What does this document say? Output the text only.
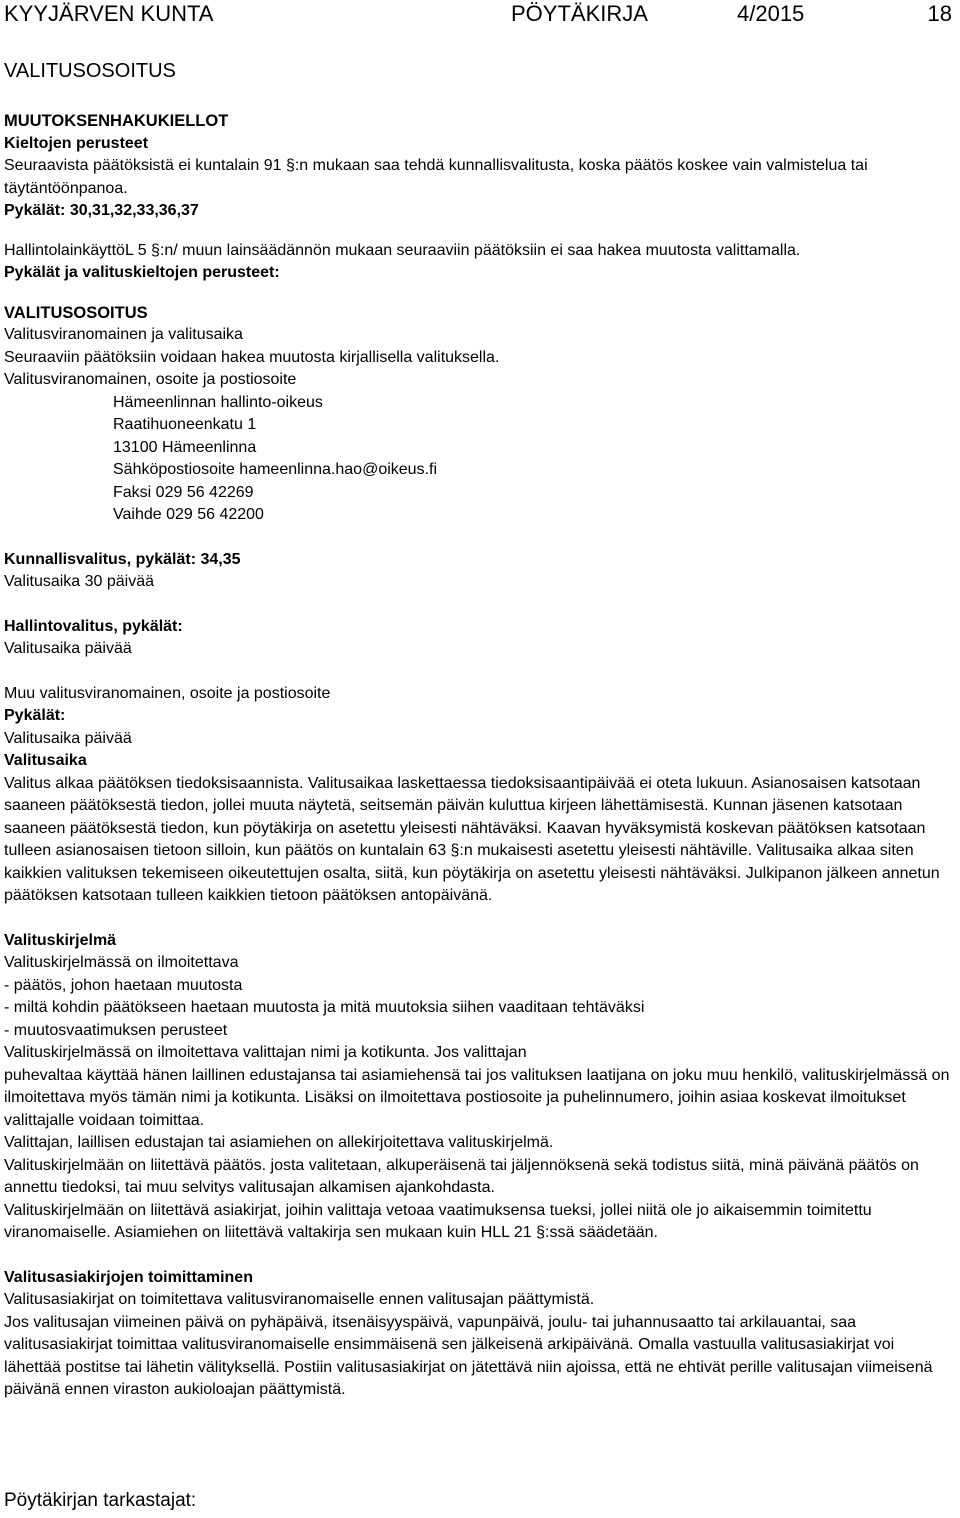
KYYJÄRVEN KUNTA	PÖYTÄKIRJA	4/2015	18
VALITUSOSOITUS
MUUTOKSENHAKUKIELLOT
Kieltojen perusteet

Seuraavista päätöksistä ei kuntalain 91 §:n mukaan saa tehdä kunnallisvalitusta, koska päätös koskee vain valmistelua tai täytäntöönpanoa.

Pykälät: 30,31,32,33,36,37

HallintolainkäyttöL 5 §:n/ muun lainsäädännön mukaan seuraaviin päätöksiin ei saa hakea muutosta valittamalla.

Pykälät ja valituskieltojen perusteet:
VALITUSOSOITUS
Valitusviranomainen ja valitusaika
Seuraaviin päätöksiin voidaan hakea muutosta kirjallisella valituksella.
Valitusviranomainen, osoite ja postiosoite
Hämeenlinnan hallinto-oikeus
Raatihuoneenkatu 1
13100 Hämeenlinna
Sähköpostiosoite hameenlinna.hao@oikeus.fi
Faksi 029 56 42269
Vaihde 029 56 42200
Kunnallisvalitus, pykälät: 34,35
Valitusaika 30 päivää
Hallintovalitus, pykälät:
Valitusaika päivää
Muu valitusviranomainen, osoite ja postiosoite
Pykälät:
Valitusaika päivää
Valitusaika

Valitus alkaa päätöksen tiedoksisaannista. Valitusaikaa laskettaessa tiedoksisaantipäivää ei oteta lukuun. Asianosaisen katsotaan saaneen päätöksestä tiedon, jollei muuta näytetä, seitsemän päivän kuluttua kirjeen lähettämisestä. Kunnan jäsenen katsotaan saaneen päätöksestä tiedon, kun pöytäkirja on asetettu yleisesti nähtäväksi. Kaavan hyväksymistä koskevan päätöksen katsotaan tulleen asianosaisen tietoon silloin, kun päätös on kuntalain 63 §:n mukaisesti asetettu yleisesti nähtäville. Valitusaika alkaa siten kaikkien valituksen tekemiseen oikeutettujen osalta, siitä, kun pöytäkirja on asetettu yleisesti nähtäväksi. Julkipanon jälkeen annetun päätöksen katsotaan tulleen kaikkien tietoon päätöksen antopäivänä.

Valituskirjelmä
Valituskirjelmässä on ilmoitettava
- päätös, johon haetaan muutosta
- miltä kohdin päätökseen haetaan muutosta ja mitä muutoksia siihen vaaditaan tehtäväksi
- muutosvaatimuksen perusteet

Valituskirjelmässä on ilmoitettava valittajan nimi ja kotikunta. Jos valittajan

puhevaltaa käyttää hänen laillinen edustajansa tai asiamiehensä tai jos valituksen laatijana on joku muu henkilö, valituskirjelmässä on ilmoitettava myös tämän nimi ja kotikunta. Lisäksi on ilmoitettava postiosoite ja puhelinnumero, joihin asiaa koskevat ilmoitukset valittajalle voidaan toimittaa.

Valittajan, laillisen edustajan tai asiamiehen on allekirjoitettava valituskirjelmä.

Valituskirjelmään on liitettävä päätös. josta valitetaan, alkuperäisenä tai jäljennöksenä sekä todistus siitä, minä päivänä päätös on annettu tiedoksi, tai muu selvitys valitusajan alkamisen ajankohdasta.

Valituskirjelmään on liitettävä asiakirjat, joihin valittaja vetoaa vaatimuksensa tueksi, jollei niitä ole jo aikaisemmin toimitettu viranomaiselle. Asiamiehen on liitettävä valtakirja sen mukaan kuin HLL 21 §:ssä säädetään.

Valitusasiakirjojen toimittaminen

Valitusasiakirjat on toimitettava valitusviranomaiselle ennen valitusajan päättymistä.

Jos valitusajan viimeinen päivä on pyhäpäivä, itsenäisyyspäivä, vapunpäivä, joulu- tai juhannusaatto tai arkilauantai, saa valitusasiakirjat toimittaa valitusviranomaiselle ensimmäisenä sen jälkeisenä arkipäivänä. Omalla vastuulla valitusasiakirjat voi lähettää postitse tai lähetin välityksellä. Postiin valitusasiakirjat on jätettävä niin ajoissa, että ne ehtivät perille valitusajan viimeisenä päivänä ennen viraston aukioloajan päättymistä.

Pöytäkirjan tarkastajat:
